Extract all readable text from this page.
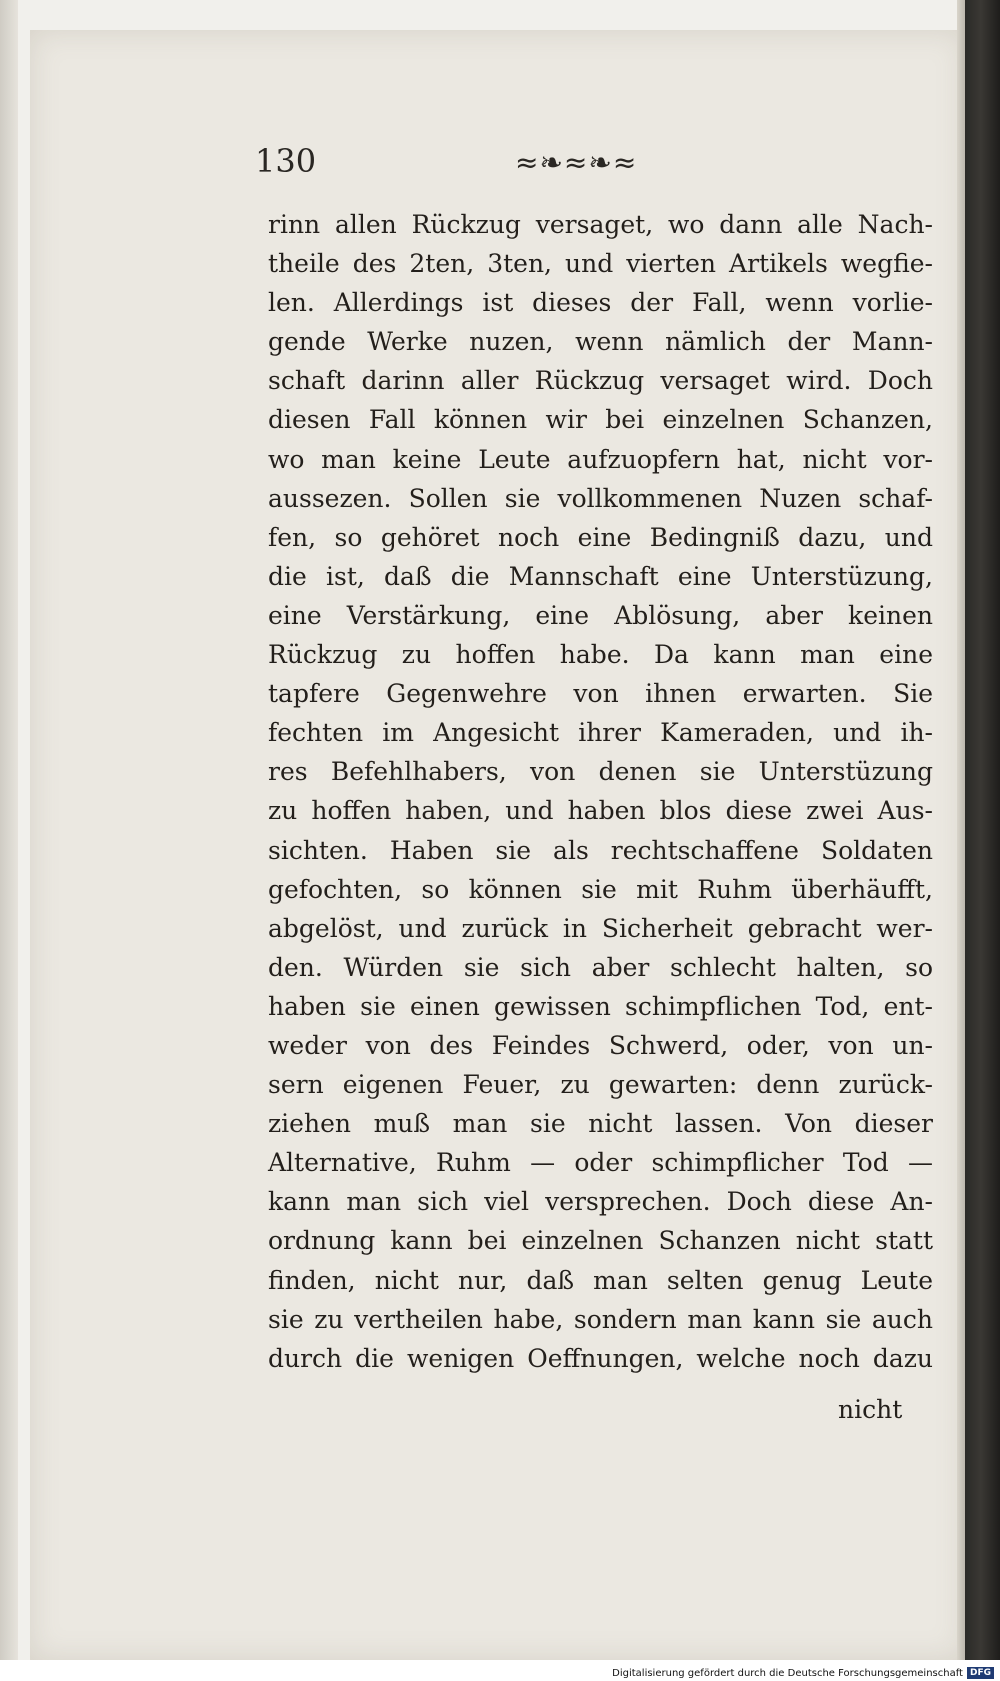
130	≈❧≈❧≈
rinn allen Rückzug versaget, wo dann alle Nach-
theile des 2ten, 3ten, und vierten Artikels wegfie-
len. Allerdings ist dieses der Fall, wenn vorlie-
gende Werke nuzen, wenn nämlich der Mann-
schaft darinn aller Rückzug versaget wird. Doch
diesen Fall können wir bei einzelnen Schanzen,
wo man keine Leute aufzuopfern hat, nicht vor-
aussezen. Sollen sie vollkommenen Nuzen schaf-
fen, so gehöret noch eine Bedingniß dazu, und
die ist, daß die Mannschaft eine Unterstüzung,
eine Verstärkung, eine Ablösung, aber keinen
Rückzug zu hoffen habe. Da kann man eine
tapfere Gegenwehre von ihnen erwarten. Sie
fechten im Angesicht ihrer Kameraden, und ih-
res Befehlhabers, von denen sie Unterstüzung
zu hoffen haben, und haben blos diese zwei Aus-
sichten. Haben sie als rechtschaffene Soldaten
gefochten, so können sie mit Ruhm überhäufft,
abgelöst, und zurück in Sicherheit gebracht wer-
den. Würden sie sich aber schlecht halten, so
haben sie einen gewissen schimpflichen Tod, ent-
weder von des Feindes Schwerd, oder, von un-
sern eigenen Feuer, zu gewarten: denn zurück-
ziehen muß man sie nicht lassen. Von dieser
Alternative, Ruhm — oder schimpflicher Tod —
kann man sich viel versprechen. Doch diese An-
ordnung kann bei einzelnen Schanzen nicht statt
finden, nicht nur, daß man selten genug Leute
sie zu vertheilen habe, sondern man kann sie auch
durch die wenigen Oeffnungen, welche noch dazu
nicht
Digitalisierung gefördert durch die Deutsche Forschungsgemeinschaft DFG
